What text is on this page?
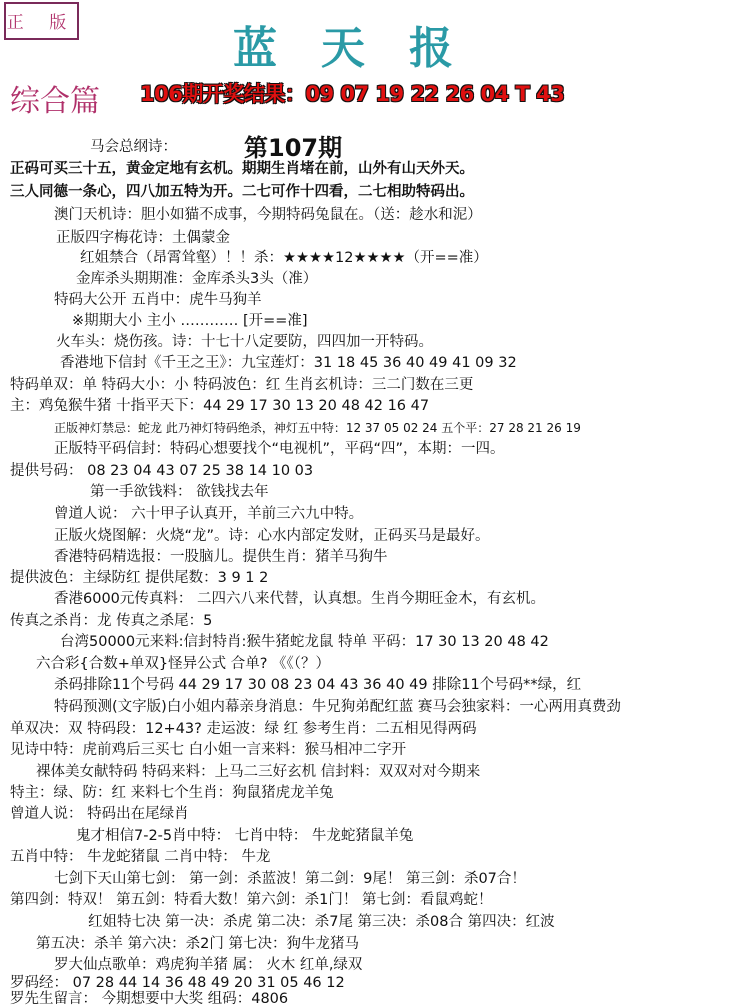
正 版	蓝天报
综合篇 106期开奖结果：09 07 19 22 26 04 T 43
第107期
马会总纲诗：
正码可买三十五，黄金定地有玄机。期期生肖堵在前，山外有山天外天。
三人同德一条心，四八加五特为开。二七可作十四看，二七相助特码出。
澳门天机诗：胆小如猫不成事，今期特码兔鼠在。（送：趁水和泥）
正版四字梅花诗：土偶蒙金
红姐禁合（昂霄耸壑）！！杀：★★★★12★★★★（开==准）
金库杀头期期准：金库杀头3头（准）
特码大公开 五肖中：虎牛马狗羊
※期期大小 主小 ………… [开==准]
火车头：烧伤孩。诗：十七十八定要防，四四加一开特码。
香港地下信封《千王之王》：九宝莲灯：31 18 45 36 40 49 41 09 32
特码单双：单 特码大小：小 特码波色：红 生肖玄机诗：三二门数在三更
主：鸡兔猴牛猪 十指平天下：44 29 17 30 13 20 48 42 16 47
正版神灯禁忌：蛇龙 此乃神灯特码绝杀，神灯五中特：12 37 05 02 24 五个平：27 28 21 26 19
正版特平码信封：特码心想要找个“电视机”，平码“四”，本期：一四。
提供号码： 08 23 04 43 07 25 38 14 10 03
第一手欲钱料： 欲钱找去年
曾道人说： 六十甲子认真开，羊前三六九中特。
正版火烧图解：火烧“龙”。诗：心水内部定发财，正码买马是最好。
香港特码精选报：一股脑儿。提供生肖：猪羊马狗牛
提供波色：主绿防红 提供尾数：3 9 1 2
香港6000元传真料： 二四六八来代替，认真想。生肖今期旺金木，有玄机。
传真之杀肖：龙 传真之杀尾：5
台湾50000元来料:信封特肖:猴牛猪蛇龙鼠 特单 平码：17 30 13 20 48 42
六合彩{合数+单双}怪异公式 合单? 《《（？）
杀码排除11个号码 44 29 17 30 08 23 04 43 36 40 49 排除11个号码**绿，红
特码预测(文字版)白小姐内幕亲身消息：牛兄狗弟配红蓝 赛马会独家料：一心两用真费劲
单双决：双 特码段：12+43? 走运波：绿 红 参考生肖：二五相见得两码
见诗中特：虎前鸡后三买七 白小姐一言来料：猴马相冲二字开
裸体美女献特码 特码来料：上马二三好玄机 信封料：双双对对今期来
特主：绿、防：红 来料七个生肖：狗鼠猪虎龙羊兔
曾道人说： 特码出在尾绿肖
鬼才相信7-2-5肖中特： 七肖中特： 牛龙蛇猪鼠羊兔
五肖中特： 牛龙蛇猪鼠 二肖中特： 牛龙
七剑下天山第七剑： 第一剑：杀蓝波！第二剑：9尾！ 第三剑：杀07合！
第四剑：特双！ 第五剑：特看大数！第六剑：杀1门！ 第七剑：看鼠鸡蛇！
红姐特七决 第一决：杀虎 第二决：杀7尾 第三决：杀08合 第四决：红波
第五决：杀羊 第六决：杀2门 第七决：狗牛龙猪马
罗大仙点歌单：鸡虎狗羊猪 属： 火木 红单,绿双
罗码经： 07 28 44 14 36 48 49 20 31 05 46 12
罗先生留言： 今期想要中大奖 组码：4806
